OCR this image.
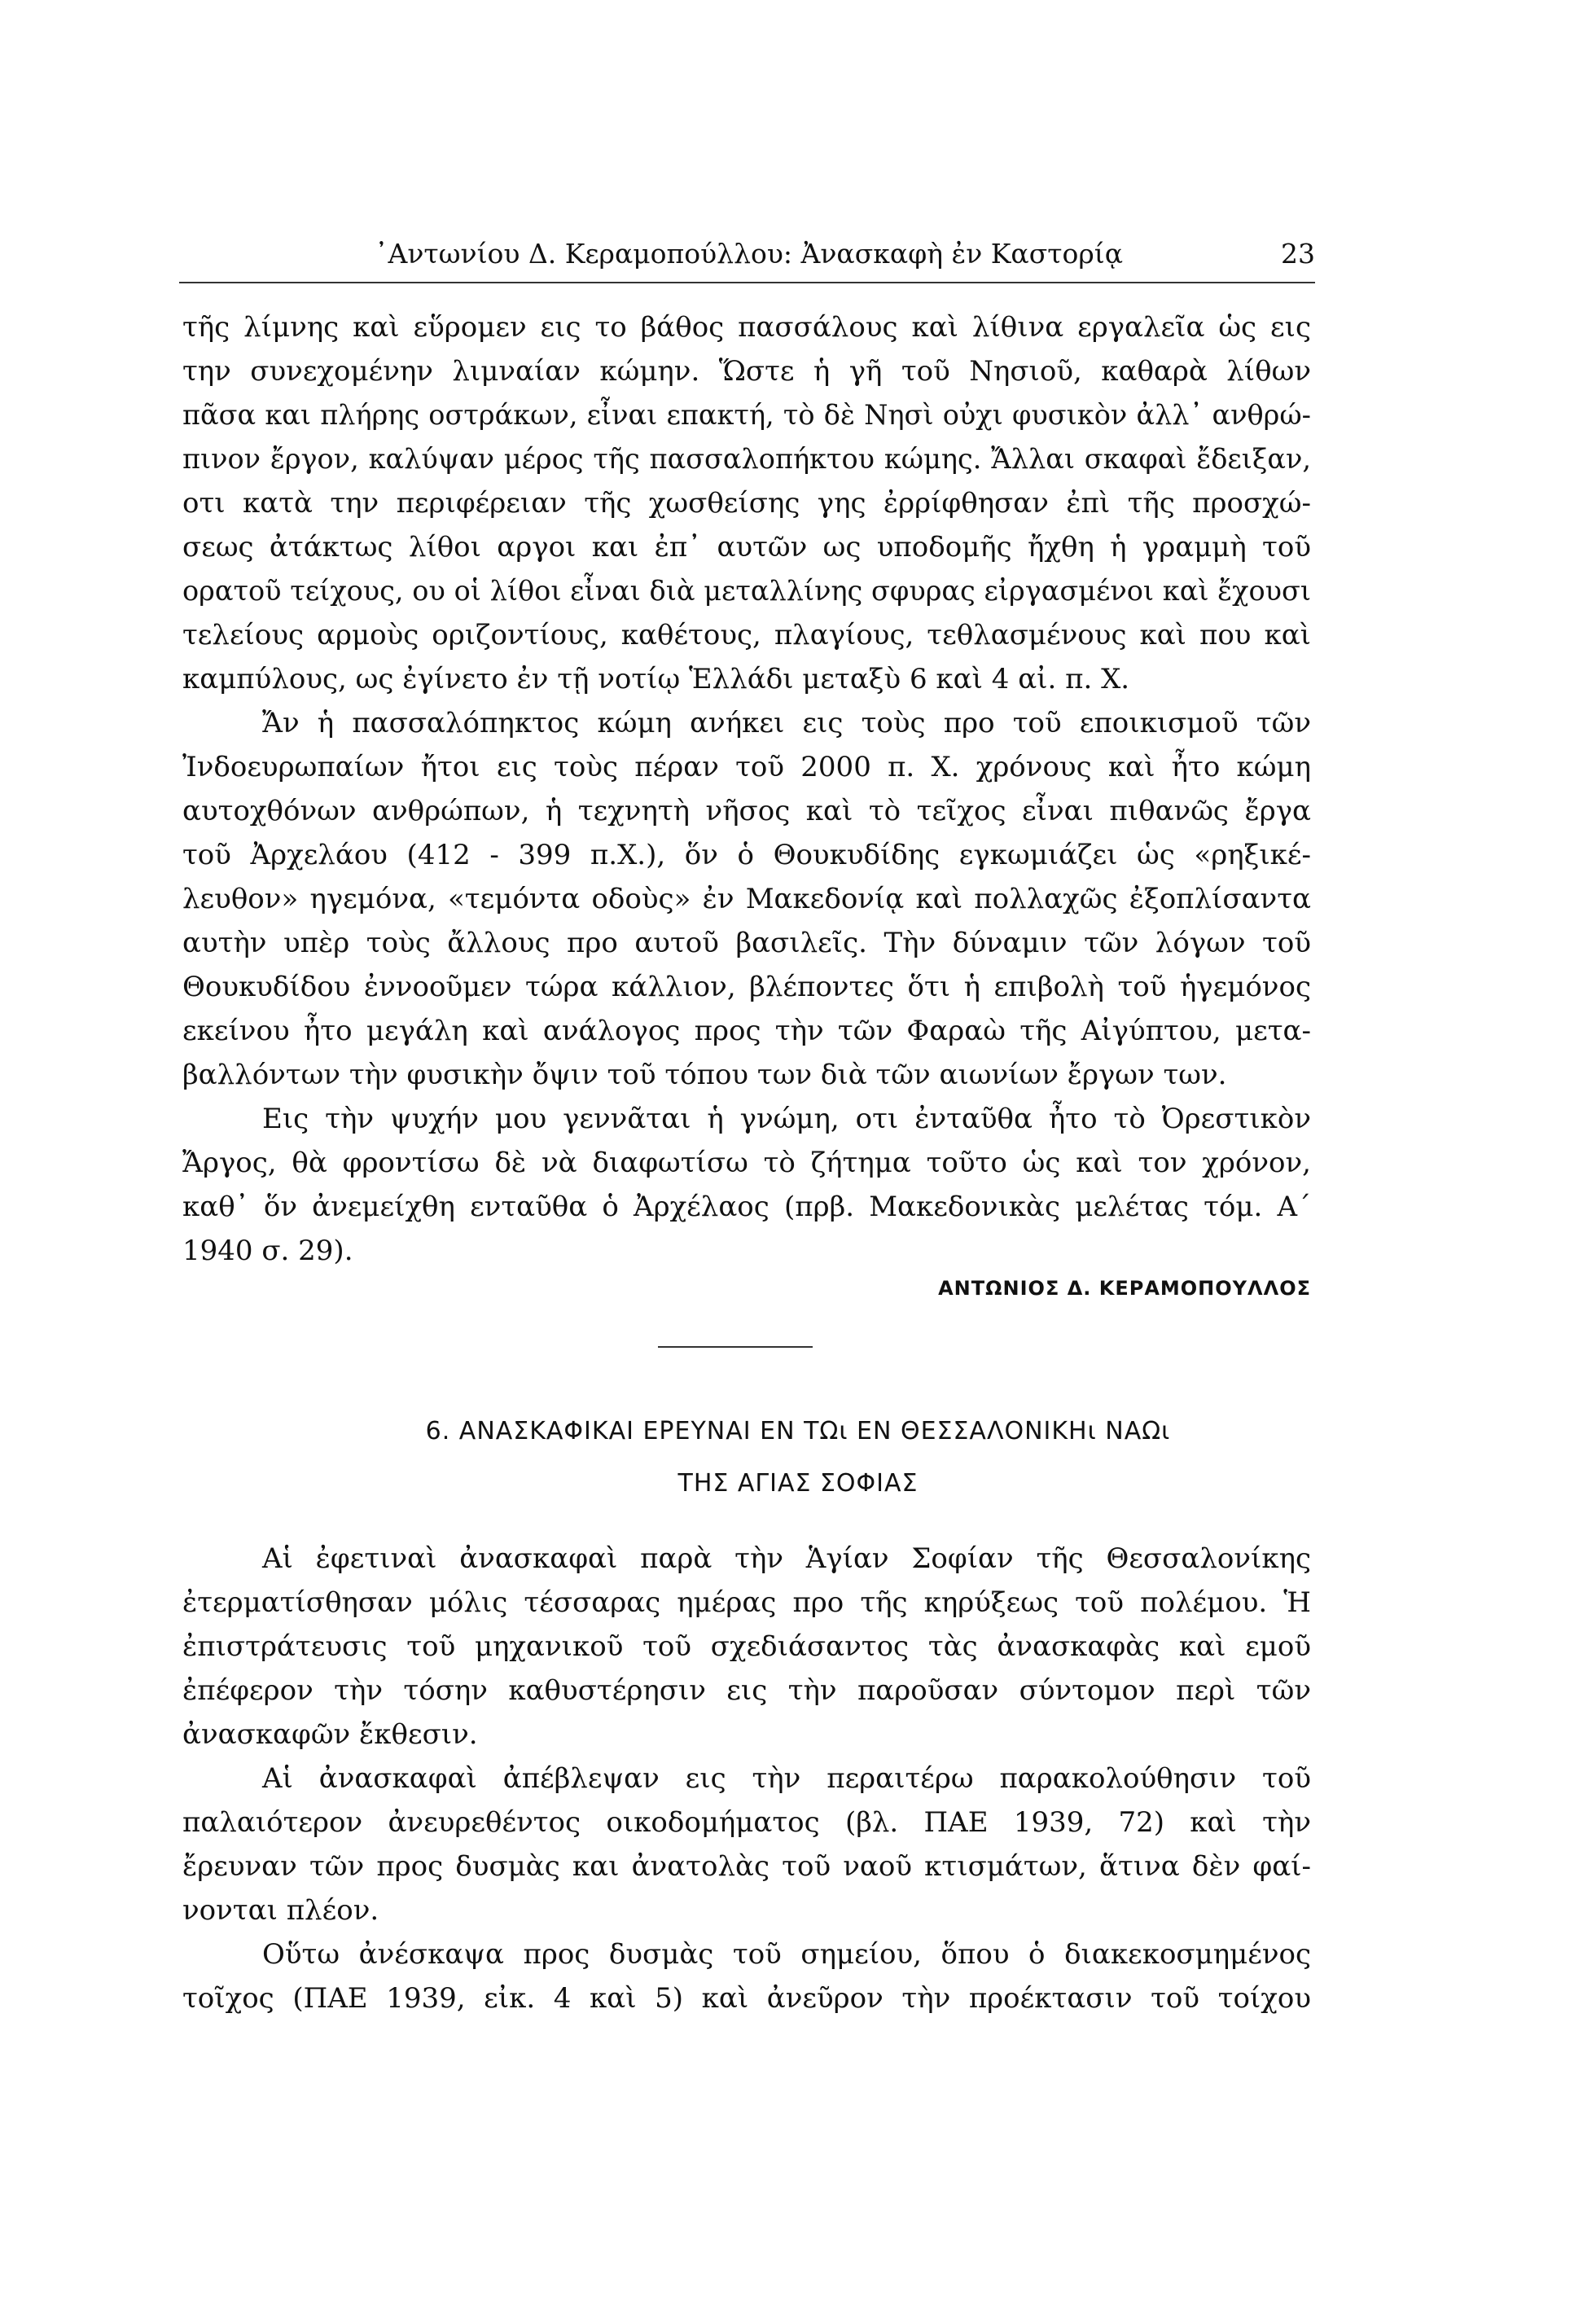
᾿Αντωνίου Δ. Κεραμοπούλλου: Ἀνασκαφὴ ἐν Καστορίᾳ	23
τῆς λίμνης καὶ εὕρομεν εις το βάθος πασσάλους καὶ λίθινα εργαλεῖα ὡς εις
την συνεχομένην λιμναίαν κώμην. Ὥστε ἡ γῆ τοῦ Νησιοῦ, καθαρὰ λίθων
πᾶσα και πλήρης οστράκων, εἶναι επακτή, τὸ δὲ Νησὶ οὐχι φυσικὸν ἀλλ᾿ ανθρώ-
πινον ἔργον, καλύψαν μέρος τῆς πασσαλοπήκτου κώμης. Ἄλλαι σκαφαὶ ἔδειξαν,
οτι κατὰ την περιφέρειαν τῆς χωσθείσης γης ἐρρίφθησαν ἐπὶ τῆς προσχώ-
σεως ἀτάκτως λίθοι αργοι και ἐπ᾿ αυτῶν ως υποδομῆς ἤχθη ἡ γραμμὴ τοῦ
ορατοῦ τείχους, ου οἱ λίθοι εἶναι διὰ μεταλλίνης σφυρας εἰργασμένοι καὶ ἔχουσι
τελείους αρμοὺς οριζοντίους, καθέτους, πλαγίους, τεθλασμένους καὶ που καὶ
καμπύλους, ως ἐγίνετο ἐν τῇ νοτίῳ Ἑλλάδι μεταξὺ 6 καὶ 4 αἰ. π. Χ.
Ἄν ἡ πασσαλόπηκτος κώμη ανήκει εις τοὺς προ τοῦ εποικισμοῦ τῶν
Ἰνδοευρωπαίων ἤτοι εις τοὺς πέραν τοῦ 2000 π. Χ. χρόνους καὶ ἦτο κώμη
αυτοχθόνων ανθρώπων, ἡ τεχνητὴ νῆσος καὶ τὸ τεῖχος εἶναι πιθανῶς ἔργα
τοῦ Ἀρχελάου (412 - 399 π.Χ.), ὅν ὁ Θουκυδίδης εγκωμιάζει ὡς «ρηξικέ-
λευθον» ηγεμόνα, «τεμόντα οδοὺς» ἐν Μακεδονίᾳ καὶ πολλαχῶς ἐξοπλίσαντα
αυτὴν υπὲρ τοὺς ἄλλους προ αυτοῦ βασιλεῖς. Τὴν δύναμιν τῶν λόγων τοῦ
Θουκυδίδου ἐννοοῦμεν τώρα κάλλιον, βλέποντες ὅτι ἡ επιβολὴ τοῦ ἡγεμόνος
εκείνου ἦτο μεγάλη καὶ ανάλογος προς τὴν τῶν Φαραὼ τῆς Αἰγύπτου, μετα-
βαλλόντων τὴν φυσικὴν ὄψιν τοῦ τόπου των διὰ τῶν αιωνίων ἔργων των.
Εις τὴν ψυχήν μου γεννᾶται ἡ γνώμη, οτι ἐνταῦθα ἦτο τὸ Ὀρεστικὸν
Ἄργος, θὰ φροντίσω δὲ νὰ διαφωτίσω τὸ ζήτημα τοῦτο ὡς καὶ τον χρόνον,
καθ᾿ ὅν ἀνεμείχθη ενταῦθα ὁ Ἀρχέλαος (πρβ. Μακεδονικὰς μελέτας τόμ. Α΄
1940 σ. 29).
ΑΝΤΩΝΙΟΣ Δ. ΚΕΡΑΜΟΠΟΥΛΛΟΣ
6. ΑΝΑΣΚΑΦΙΚΑΙ ΕΡΕΥΝΑΙ ΕΝ ΤΩι ΕΝ ΘΕΣΣΑΛΟΝΙΚΗι ΝΑΩι
ΤΗΣ ΑΓΙΑΣ ΣΟΦΙΑΣ
Αἱ ἐφετιναὶ ἀνασκαφαὶ παρὰ τὴν Ἁγίαν Σοφίαν τῆς Θεσσαλονίκης
ἐτερματίσθησαν μόλις τέσσαρας ημέρας προ τῆς κηρύξεως τοῦ πολέμου. Ἡ
ἐπιστράτευσις τοῦ μηχανικοῦ τοῦ σχεδιάσαντος τὰς ἀνασκαφὰς καὶ εμοῦ
ἐπέφερον τὴν τόσην καθυστέρησιν εις τὴν παροῦσαν σύντομον περὶ τῶν
ἀνασκαφῶν ἔκθεσιν.
Αἱ ἀνασκαφαὶ ἀπέβλεψαν εις τὴν περαιτέρω παρακολούθησιν τοῦ
παλαιότερον ἀνευρεθέντος οικοδομήματος (βλ. ΠΑΕ 1939, 72) καὶ τὴν
ἔρευναν τῶν προς δυσμὰς και ἀνατολὰς τοῦ ναοῦ κτισμάτων, ἅτινα δὲν φαί-
νονται πλέον.
Οὕτω ἀνέσκαψα προς δυσμὰς τοῦ σημείου, ὅπου ὁ διακεκοσμημένος
τοῖχος (ΠΑΕ 1939, εἰκ. 4 καὶ 5) καὶ ἀνεῦρον τὴν προέκτασιν τοῦ τοίχου
